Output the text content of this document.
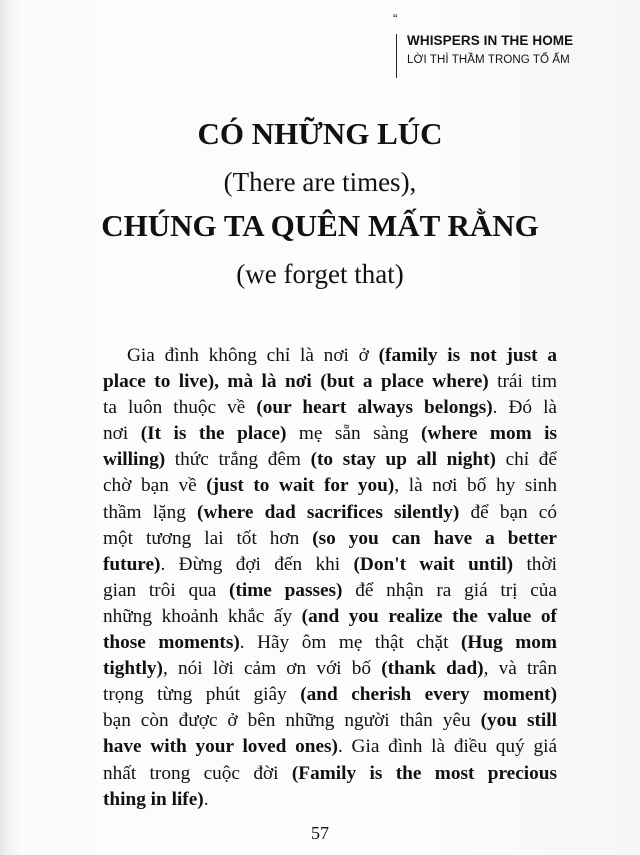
“
WHISPERS IN THE HOME
LỜI THÌ THẦM TRONG TỔ ẤM
CÓ NHỮNG LÚC
(There are times),
CHÚNG TA QUÊN MẤT RẰNG
(we forget that)
Gia đình không chỉ là nơi ở (family is not just a
place to live), mà là nơi (but a place where) trái tim
ta luôn thuộc về (our heart always belongs). Đó là
nơi (It is the place) mẹ sẵn sàng (where mom is
willing) thức trắng đêm (to stay up all night) chỉ để
chờ bạn về (just to wait for you), là nơi bố hy sinh
thầm lặng (where dad sacrifices silently) để bạn có
một tương lai tốt hơn (so you can have a better
future). Đừng đợi đến khi (Don't wait until) thời
gian trôi qua (time passes) để nhận ra giá trị của
những khoảnh khắc ấy (and you realize the value of
those moments). Hãy ôm mẹ thật chặt (Hug mom
tightly), nói lời cảm ơn với bố (thank dad), và trân
trọng từng phút giây (and cherish every moment)
bạn còn được ở bên những người thân yêu (you still
have with your loved ones). Gia đình là điều quý giá
nhất trong cuộc đời (Family is the most precious
thing in life).
57
